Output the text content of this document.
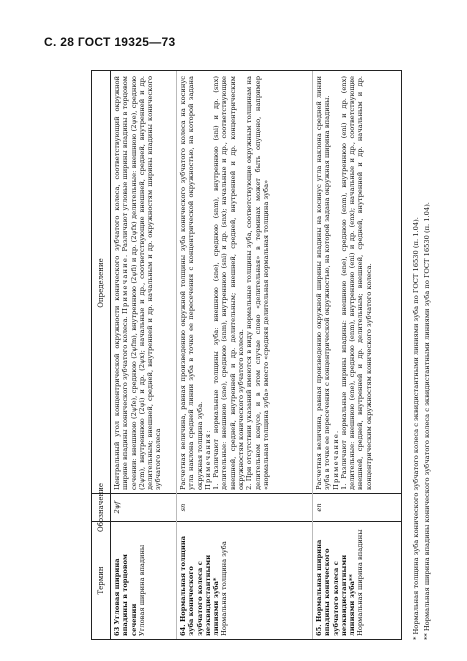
С. 28 ГОСТ 19325—73
Термин
Обозначение
Определение
63 Угловая ширина впадины в торцовом сечении Угловая ширина впадины
2ψf
Центральный угол концентрической окружности конического зубчатого колеса, соответствующий окружной ширине впадины конического зубчатого колеса. Примечание. Различают угловые ширины впадины в торцовом сечении: внешнюю (2ψfe), среднюю (2ψfm), внутреннюю (2ψfi) и др. (2ψfx) делительные: внешнюю (2ψe), среднюю (2ψm), внутреннюю (2ψi) и др. (2ψx); начальные и др., соответствующие внешней, средней, внутренней и др. делительным; внешней, средней, внутренней и др. начальным и др. окружностям ширины впадины конического зубчатого колеса
64. Нормальная толщина зуба конического зубчатого колеса с неэквидистантными линиями зуба* Нормальная толщина зуба
sn
Расчетная величина, равная произведению окружной толщины зуба конического зубчатого колеса на косинус угла наклона средней линии зуба в точке ее пересечения с концентрической окружностью, на которой задана окружная толщина зуба. Примечания: 1. Различают нормальные толщины зуба: внешнюю (sne), среднюю (snm), внутреннюю (sni) и др. (snx) делительные: внешнюю (sne), среднюю (snm), внутреннюю (sni) и др. (snx); начальные и др., соответствующие внешней, средней, внутренней и др. делительным; внешней, средней, внутренней и др. концентрическим окружностям конического зубчатого колеса. 2. При отсутствии указаний имеются в виду нормальные толщины зуба, соответствующие окружным толщинам на делительном конусе, и в этом случае слово «делительная» в терминах может быть опущено, например «нормальная толщина зуба» вместо «средняя делительная нормальная толщина зуба»
65. Нормальная ширина впадины конического зубчатого колеса с неэквидистантными линиями зуба** Нормальная ширина впадины
en
Расчетная величина, равная произведению окружной ширины впадины на косинус угла наклона средней линии зуба в точке ее пересечения с концентрической окружностью, на которой задана окружная ширина впадины. Примечание. 1. Различают нормальные ширины впадины: внешнюю (ene), среднюю (enm), внутреннюю (eni) и др. (enx) делительные: внешнюю (ene), среднюю (enm), внутреннюю (eni) и др. (enx); начальные и др., соответствующие внешней, средней, внутренней и др. делительным; внешней, средней, внутренней и др. начальным и др. концентрическим окружностям конического зубчатого колеса.	* Нормальная толщина зуба конического зубчатого колеса с эквидистантными линиями зуба по ГОСТ 16530 (п. 1.04). ** Нормальная ширина впадины конического зубчатого колеса с эквидистантными линиями зуба по ГОСТ 16530 (п. 1.04).
